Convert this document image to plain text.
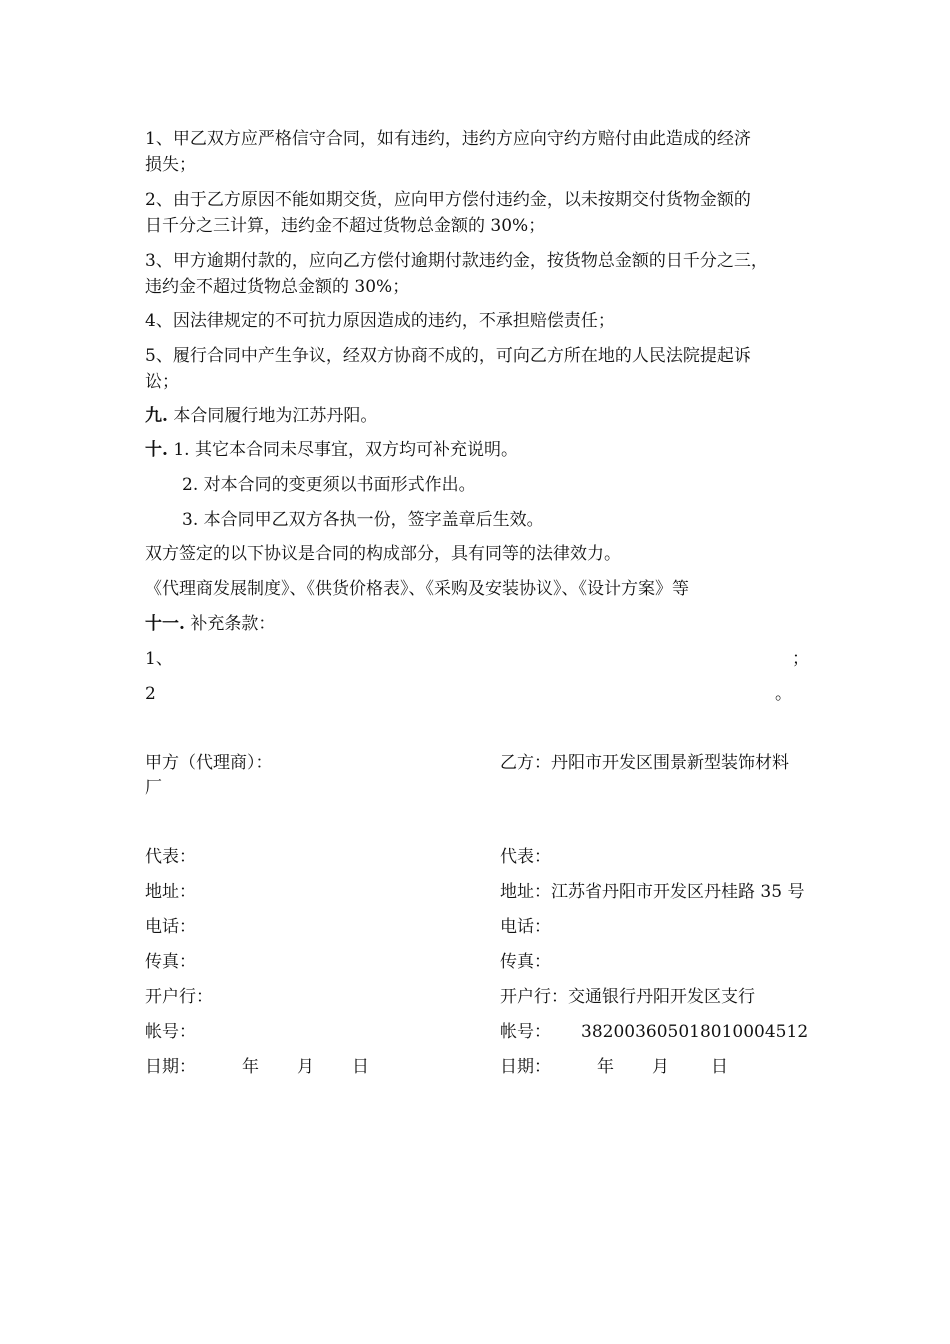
1、甲乙双方应严格信守合同，如有违约，违约方应向守约方赔付由此造成的经济
损失；
2、由于乙方原因不能如期交货，应向甲方偿付违约金，以未按期交付货物金额的
日千分之三计算，违约金不超过货物总金额的 30%；
3、甲方逾期付款的，应向乙方偿付逾期付款违约金，按货物总金额的日千分之三，
违约金不超过货物总金额的 30%；
4、因法律规定的不可抗力原因造成的违约，不承担赔偿责任；
5、履行合同中产生争议，经双方协商不成的，可向乙方所在地的人民法院提起诉
讼；
九. 本合同履行地为江苏丹阳。
十. 1. 其它本合同未尽事宜，双方均可补充说明。
2. 对本合同的变更须以书面形式作出。
3. 本合同甲乙双方各执一份，签字盖章后生效。
双方签定的以下协议是合同的构成部分，具有同等的法律效力。
《代理商发展制度》、《供货价格表》、《采购及安装协议》、《设计方案》等
十一. 补充条款：
1、	；
2	。
甲方（代理商）：	乙方：丹阳市开发区围景新型装饰材料
厂
代表：	代表：
地址：	地址：江苏省丹阳市开发区丹桂路 35 号
电话：	电话：
传真：	传真：
开户行：	开户行：交通银行丹阳开发区支行
帐号：	帐号： 382003605018010004512
日期：	年 月 日	日期：	年 月 日
